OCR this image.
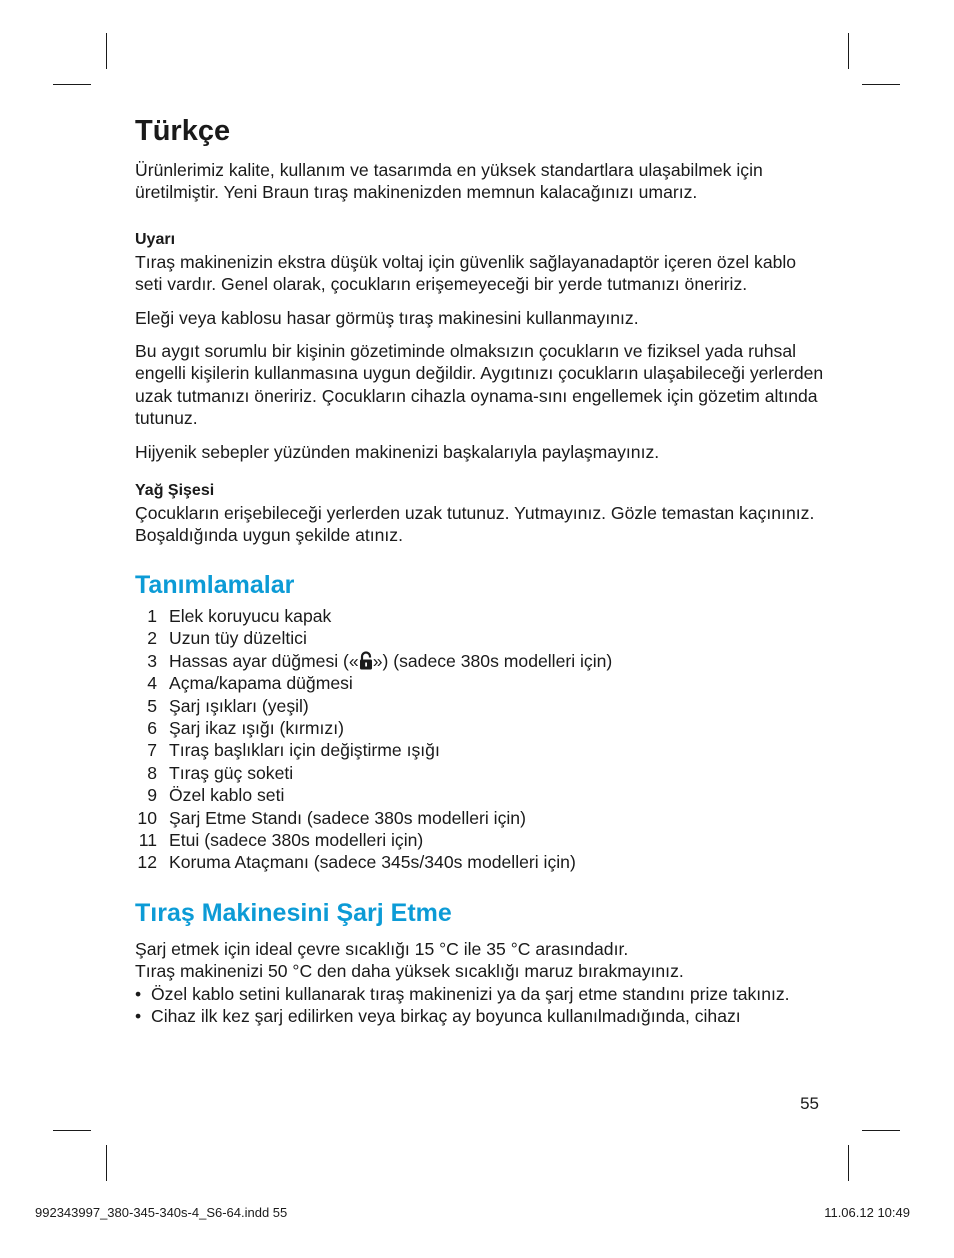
Türkçe

Ürünlerimiz kalite, kullanım ve tasarımda en yüksek standartlara ulaşabilmek için üretilmiştir. Yeni Braun tıraş makinenizden memnun kalacağınızı umarız.

Uyarı

Tıraş makinenizin ekstra düşük voltaj için güvenlik sağlayanadaptör içeren özel kablo seti vardır. Genel olarak, çocukların erişemeyeceği bir yerde tutmanızı öneririz.

Eleği veya kablosu hasar görmüş tıraş makinesini kullanmayınız.

Bu aygıt sorumlu bir kişinin gözetiminde olmaksızın çocukların ve fiziksel yada ruhsal engelli kişilerin kullanmasına uygun değildir. Aygıtınızı çocukların ulaşabileceği yerlerden uzak tutmanızı öneririz. Çocukların cihazla oynama-sını engellemek için gözetim altında tutunuz.

Hijyenik sebepler yüzünden makinenizi başkalarıyla paylaşmayınız.

Yağ Şişesi

Çocukların erişebileceği yerlerden uzak tutunuz. Yutmayınız. Gözle temastan kaçınınız. Boşaldığında uygun şekilde atınız.

Tanımlamalar
1 Elek koruyucu kapak
2 Uzun tüy düzeltici
3 Hassas ayar düğmesi (« ») (sadece 380s modelleri için)
4 Açma/kapama düğmesi
5 Şarj ışıkları (yeşil)
6 Şarj ikaz ışığı (kırmızı)
7 Tıraş başlıkları için değiştirme ışığı
8 Tıraş güç soketi
9 Özel kablo seti
10 Şarj Etme Standı (sadece 380s modelleri için)
11 Etui (sadece 380s modelleri için)
12 Koruma Ataçmanı (sadece 345s/340s modelleri için)
Tıraş Makinesini Şarj Etme

Şarj etmek için ideal çevre sıcaklığı 15 °C ile 35 °C arasındadır.

Tıraş makinenizi 50 °C den daha yüksek sıcaklığı maruz bırakmayınız.

• Özel kablo setini kullanarak tıraş makinenizi ya da şarj etme standını prize takınız.
• Cihaz ilk kez şarj edilirken veya birkaç ay boyunca kullanılmadığında, cihazı
55
992343997_380-345-340s-4_S6-64.indd 55	11.06.12 10:49
